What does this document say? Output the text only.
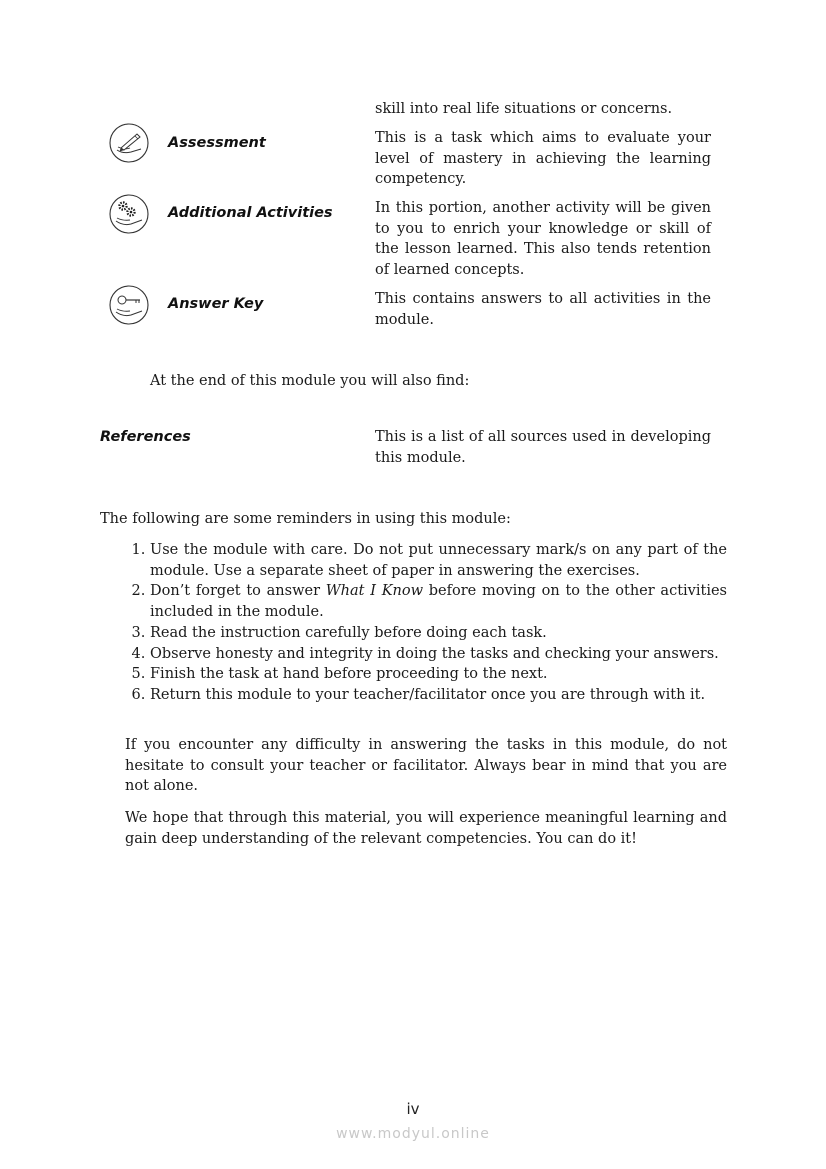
skill into real life situations or concerns.
Assessment	This is a task which aims to evaluate your level of mastery in achieving the learning competency.
Additional Activities	In this portion, another activity will be given to you to enrich your knowledge or skill of the lesson learned. This also tends retention of learned concepts.
Answer Key	This contains answers to all activities in the module.
At the end of this module you will also find:
References	This is a list of all sources used in developing this module.
The following are some reminders in using this module:
1. Use the module with care. Do not put unnecessary mark/s on any part of the module. Use a separate sheet of paper in answering the exercises.
2. Don’t forget to answer What I Know before moving on to the other activities included in the module.
3. Read the instruction carefully before doing each task.
4. Observe honesty and integrity in doing the tasks and checking your answers.
5. Finish the task at hand before proceeding to the next.
6. Return this module to your teacher/facilitator once you are through with it.
If you encounter any difficulty in answering the tasks in this module, do not hesitate to consult your teacher or facilitator. Always bear in mind that you are not alone.
We hope that through this material, you will experience meaningful learning and gain deep understanding of the relevant competencies. You can do it!
iv
www.modyul.online
